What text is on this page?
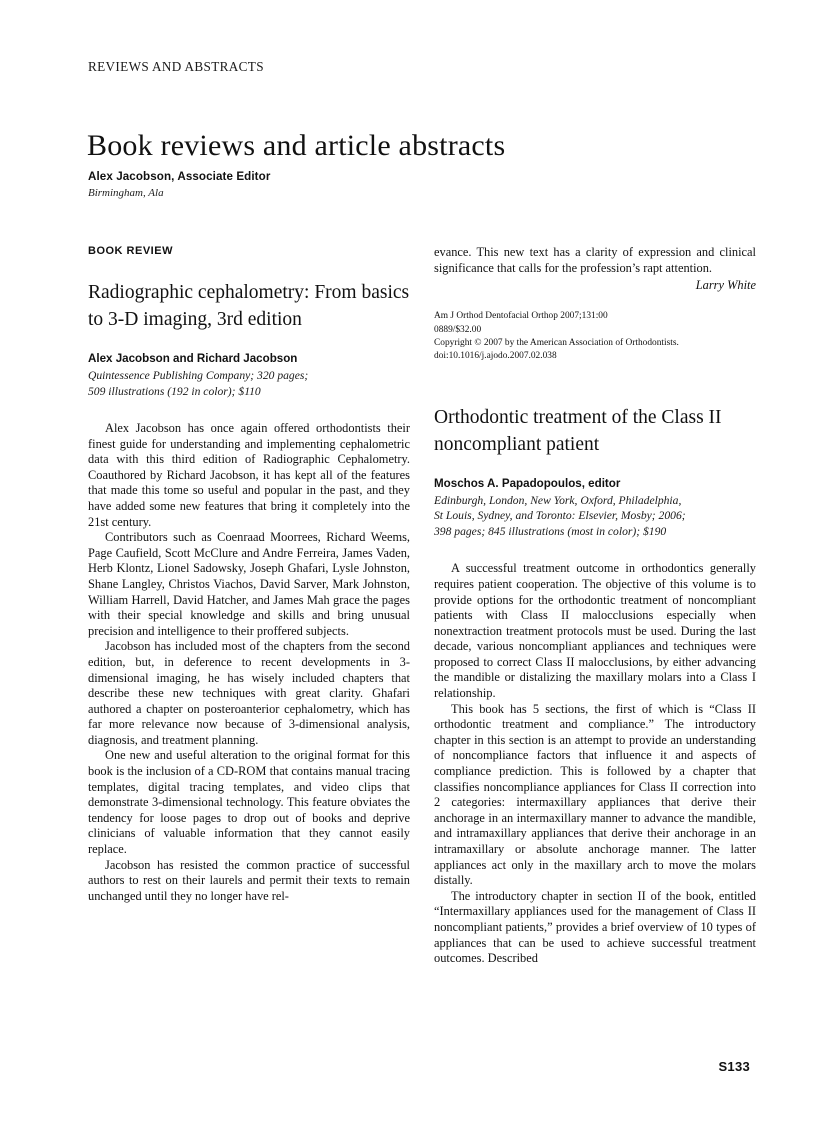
REVIEWS AND ABSTRACTS
Book reviews and article abstracts
Alex Jacobson, Associate Editor
Birmingham, Ala
BOOK REVIEW
Radiographic cephalometry: From basics to 3-D imaging, 3rd edition
Alex Jacobson and Richard Jacobson
Quintessence Publishing Company; 320 pages;
509 illustrations (192 in color); $110

Alex Jacobson has once again offered orthodontists their finest guide for understanding and implementing cephalometric data with this third edition of Radiographic Cephalometry. Coauthored by Richard Jacobson, it has kept all of the features that made this tome so useful and popular in the past, and they have added some new features that bring it completely into the 21st century.

Contributors such as Coenraad Moorrees, Richard Weems, Page Caufield, Scott McClure and Andre Ferreira, James Vaden, Herb Klontz, Lionel Sadowsky, Joseph Ghafari, Lysle Johnston, Shane Langley, Christos Viachos, David Sarver, Mark Johnston, William Harrell, David Hatcher, and James Mah grace the pages with their special knowledge and skills and bring unusual precision and intelligence to their proffered subjects.

Jacobson has included most of the chapters from the second edition, but, in deference to recent developments in 3-dimensional imaging, he has wisely included chapters that describe these new techniques with great clarity. Ghafari authored a chapter on posteroanterior cephalometry, which has far more relevance now because of 3-dimensional analysis, diagnosis, and treatment planning.

One new and useful alteration to the original format for this book is the inclusion of a CD-ROM that contains manual tracing templates, digital tracing templates, and video clips that demonstrate 3-dimensional technology. This feature obviates the tendency for loose pages to drop out of books and deprive clinicians of valuable information that they cannot easily replace.

Jacobson has resisted the common practice of successful authors to rest on their laurels and permit their texts to remain unchanged until they no longer have rel-

evance. This new text has a clarity of expression and clinical significance that calls for the profession’s rapt attention.

Larry White

Am J Orthod Dentofacial Orthop 2007;131:00
0889/$32.00
Copyright © 2007 by the American Association of Orthodontists.
doi:10.1016/j.ajodo.2007.02.038
Orthodontic treatment of the Class II noncompliant patient
Moschos A. Papadopoulos, editor
Edinburgh, London, New York, Oxford, Philadelphia,
St Louis, Sydney, and Toronto: Elsevier, Mosby; 2006;
398 pages; 845 illustrations (most in color); $190

A successful treatment outcome in orthodontics generally requires patient cooperation. The objective of this volume is to provide options for the orthodontic treatment of noncompliant patients with Class II malocclusions especially when nonextraction treatment protocols must be used. During the last decade, various noncompliant appliances and techniques were proposed to correct Class II malocclusions, by either advancing the mandible or distalizing the maxillary molars into a Class I relationship.

This book has 5 sections, the first of which is “Class II orthodontic treatment and compliance.” The introductory chapter in this section is an attempt to provide an understanding of noncompliance factors that influence it and aspects of compliance prediction. This is followed by a chapter that classifies noncompliance appliances for Class II correction into 2 categories: intermaxillary appliances that derive their anchorage in an intermaxillary manner to advance the mandible, and intramaxillary appliances that derive their anchorage in an intramaxillary or absolute anchorage manner. The latter appliances act only in the maxillary arch to move the molars distally.

The introductory chapter in section II of the book, entitled “Intermaxillary appliances used for the management of Class II noncompliant patients,” provides a brief overview of 10 types of appliances that can be used to achieve successful treatment outcomes. Described

S133
